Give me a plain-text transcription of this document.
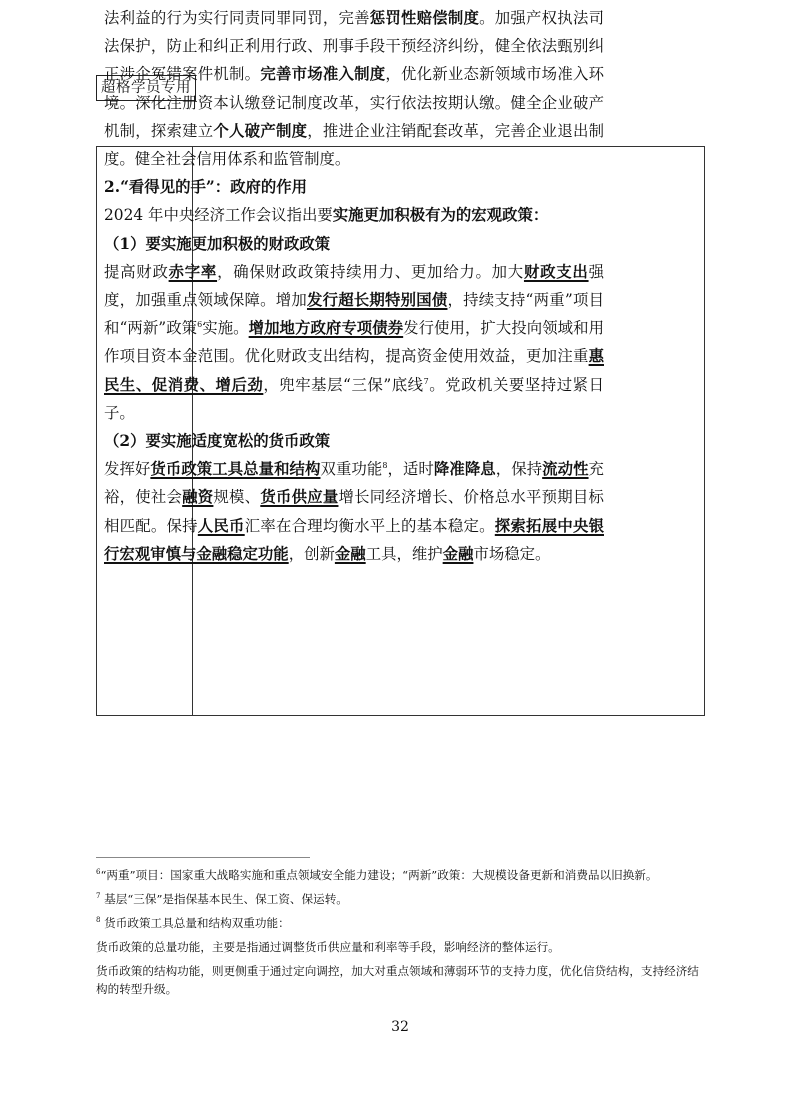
超格学员专用

法利益的行为实行同责同罪同罚，完善惩罚性赔偿制度。加强产权执法司法保护，防止和纠正利用行政、刑事手段干预经济纠纷，健全依法甄别纠正涉企冤错案件机制。完善市场准入制度，优化新业态新领域市场准入环境。深化注册资本认缴登记制度改革，实行依法按期认缴。健全企业破产机制，探索建立个人破产制度，推进企业注销配套改革，完善企业退出制度。健全社会信用体系和监管制度。

2.“看得见的手”：政府的作用

2024 年中央经济工作会议指出要实施更加积极有为的宏观政策：

（1）要实施更加积极的财政政策

提高财政赤字率，确保财政政策持续用力、更加给力。加大财政支出强度，加强重点领域保障。增加发行超长期特别国债，持续支持“两重”项目和“两新”政策$^6$实施。增加地方政府专项债券发行使用，扩大投向领域和用作项目资本金范围。优化财政支出结构，提高资金使用效益，更加注重惠民生、促消费、增后劲，兜牢基层“三保”底线$^7$。党政机关要坚持过紧日子。

（2）要实施适度宽松的货币政策

发挥好货币政策工具总量和结构双重功能$^8$，适时降准降息，保持流动性充裕，使社会融资规模、货币供应量增长同经济增长、价格总水平预期目标相匹配。保持人民币汇率在合理均衡水平上的基本稳定。探索拓展中央银行宏观审慎与金融稳定功能，创新金融工具，维护金融市场稳定。

$^6$“两重”项目：国家重大战略实施和重点领域安全能力建设；“两新”政策：大规模设备更新和消费品以旧换新。
$^7$ 基层“三保”是指保基本民生、保工资、保运转。
$^8$ 货币政策工具总量和结构双重功能：
货币政策的总量功能，主要是指通过调整货币供应量和利率等手段，影响经济的整体运行。
货币政策的结构功能，则更侧重于通过定向调控，加大对重点领域和薄弱环节的支持力度，优化信贷结构，支持经济结构的转型升级。
32
